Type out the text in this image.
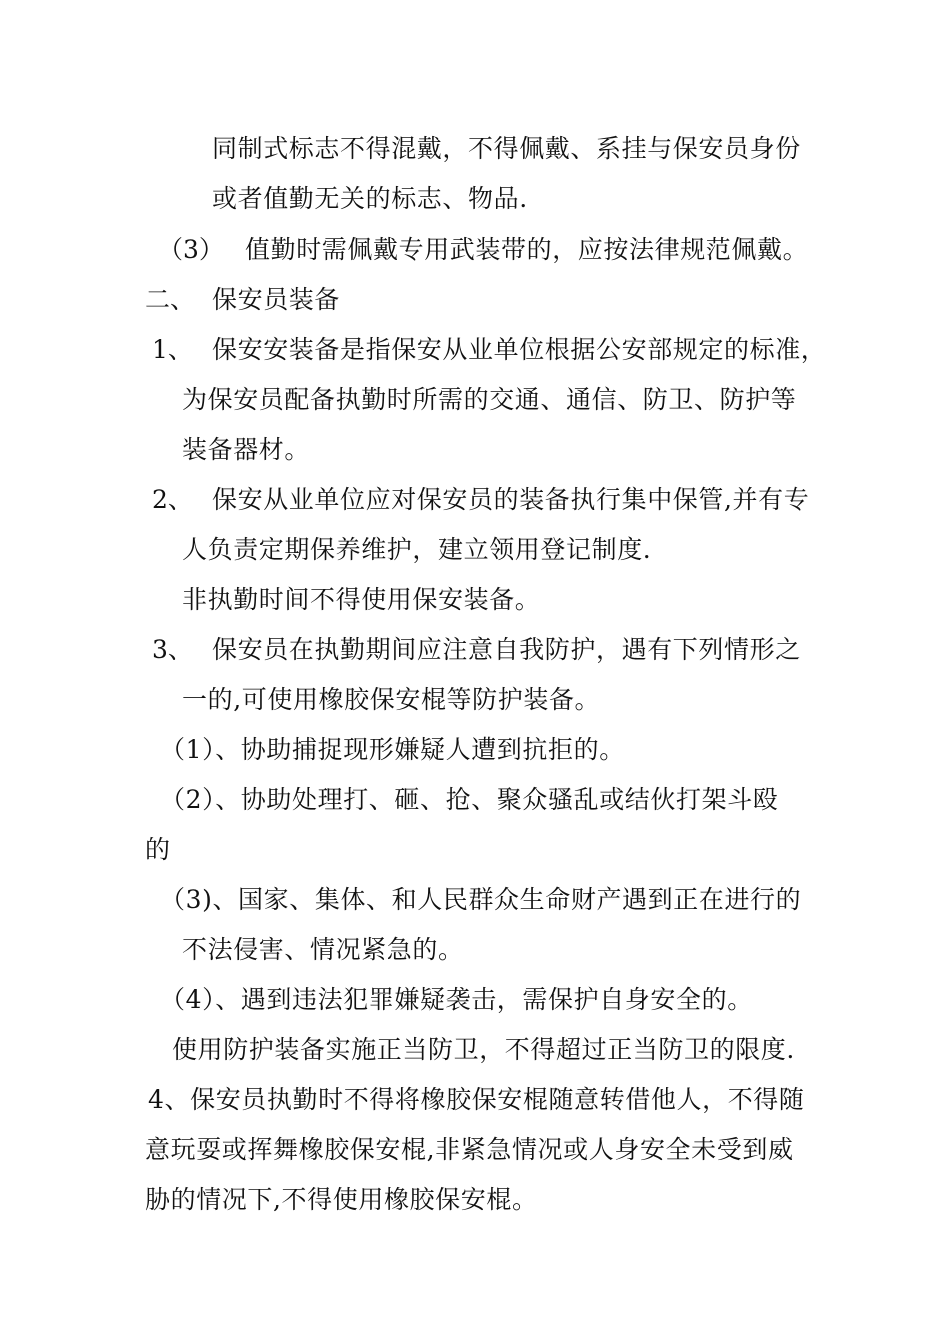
同制式标志不得混戴，不得佩戴、系挂与保安员身份
或者值勤无关的标志、物品.
（3） 值勤时需佩戴专用武装带的，应按法律规范佩戴。
二、 保安员装备
1、 保安安装备是指保安从业单位根据公安部规定的标准，
为保安员配备执勤时所需的交通、通信、防卫、防护等
装备器材。
2、 保安从业单位应对保安员的装备执行集中保管,并有专
人负责定期保养维护，建立领用登记制度.
非执勤时间不得使用保安装备。
3、 保安员在执勤期间应注意自我防护，遇有下列情形之
一的,可使用橡胶保安棍等防护装备。
（1）、协助捕捉现形嫌疑人遭到抗拒的。
（2）、协助处理打、砸、抢、聚众骚乱或结伙打架斗殴
的
（3)、国家、集体、和人民群众生命财产遇到正在进行的
不法侵害、情况紧急的。
（4）、遇到违法犯罪嫌疑袭击，需保护自身安全的。
使用防护装备实施正当防卫，不得超过正当防卫的限度.
4、保安员执勤时不得将橡胶保安棍随意转借他人，不得随
意玩耍或挥舞橡胶保安棍,非紧急情况或人身安全未受到威
胁的情况下,不得使用橡胶保安棍。
